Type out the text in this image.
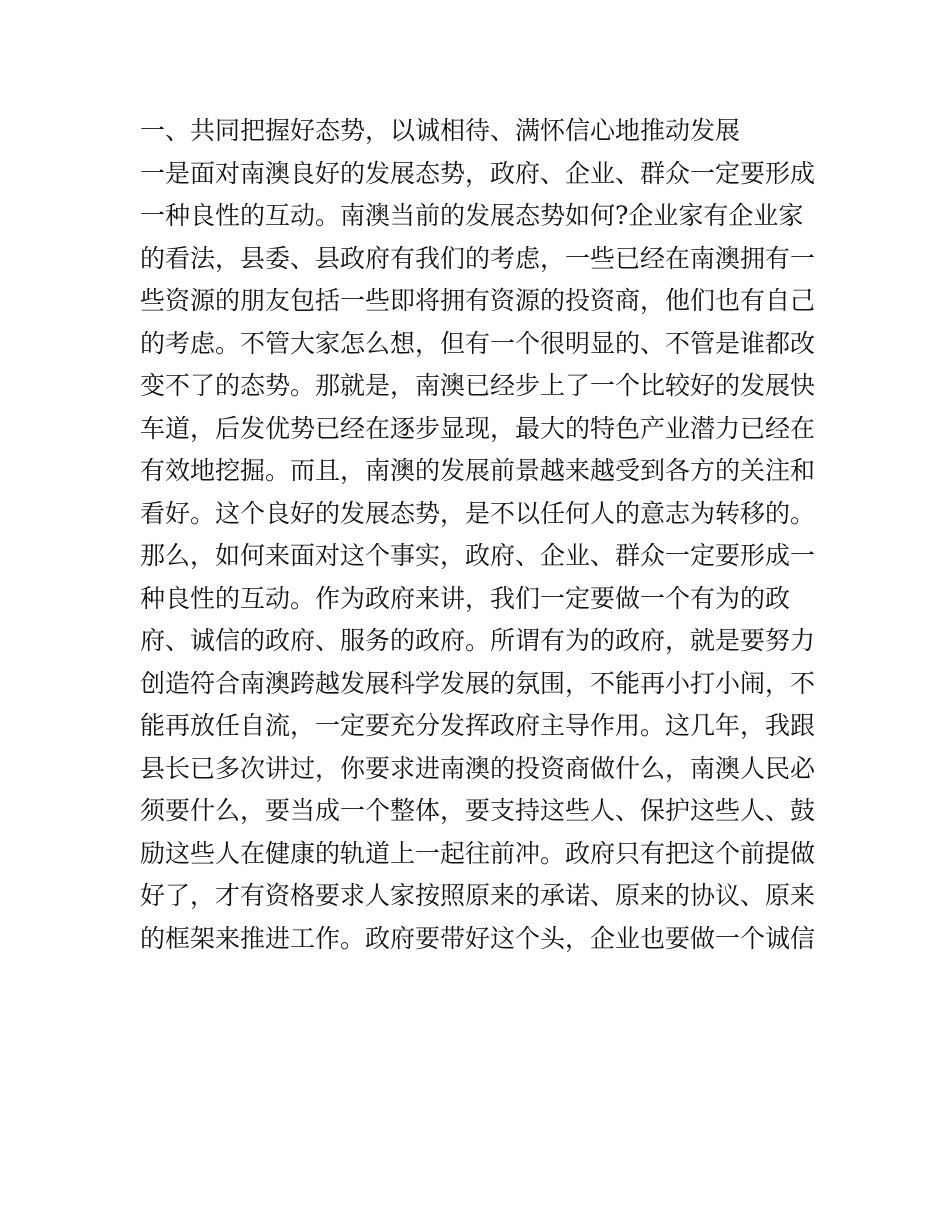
一、共同把握好态势，以诚相待、满怀信心地推动发展
一是面对南澳良好的发展态势，政府、企业、群众一定要形成
一种良性的互动。南澳当前的发展态势如何?企业家有企业家
的看法，县委、县政府有我们的考虑，一些已经在南澳拥有一
些资源的朋友包括一些即将拥有资源的投资商，他们也有自己
的考虑。不管大家怎么想，但有一个很明显的、不管是谁都改
变不了的态势。那就是，南澳已经步上了一个比较好的发展快
车道，后发优势已经在逐步显现，最大的特色产业潜力已经在
有效地挖掘。而且，南澳的发展前景越来越受到各方的关注和
看好。这个良好的发展态势，是不以任何人的意志为转移的。
那么，如何来面对这个事实，政府、企业、群众一定要形成一
种良性的互动。作为政府来讲，我们一定要做一个有为的政
府、诚信的政府、服务的政府。所谓有为的政府，就是要努力
创造符合南澳跨越发展科学发展的氛围，不能再小打小闹，不
能再放任自流，一定要充分发挥政府主导作用。这几年，我跟
县长已多次讲过，你要求进南澳的投资商做什么，南澳人民必
须要什么，要当成一个整体，要支持这些人、保护这些人、鼓
励这些人在健康的轨道上一起往前冲。政府只有把这个前提做
好了，才有资格要求人家按照原来的承诺、原来的协议、原来
的框架来推进工作。政府要带好这个头，企业也要做一个诚信
